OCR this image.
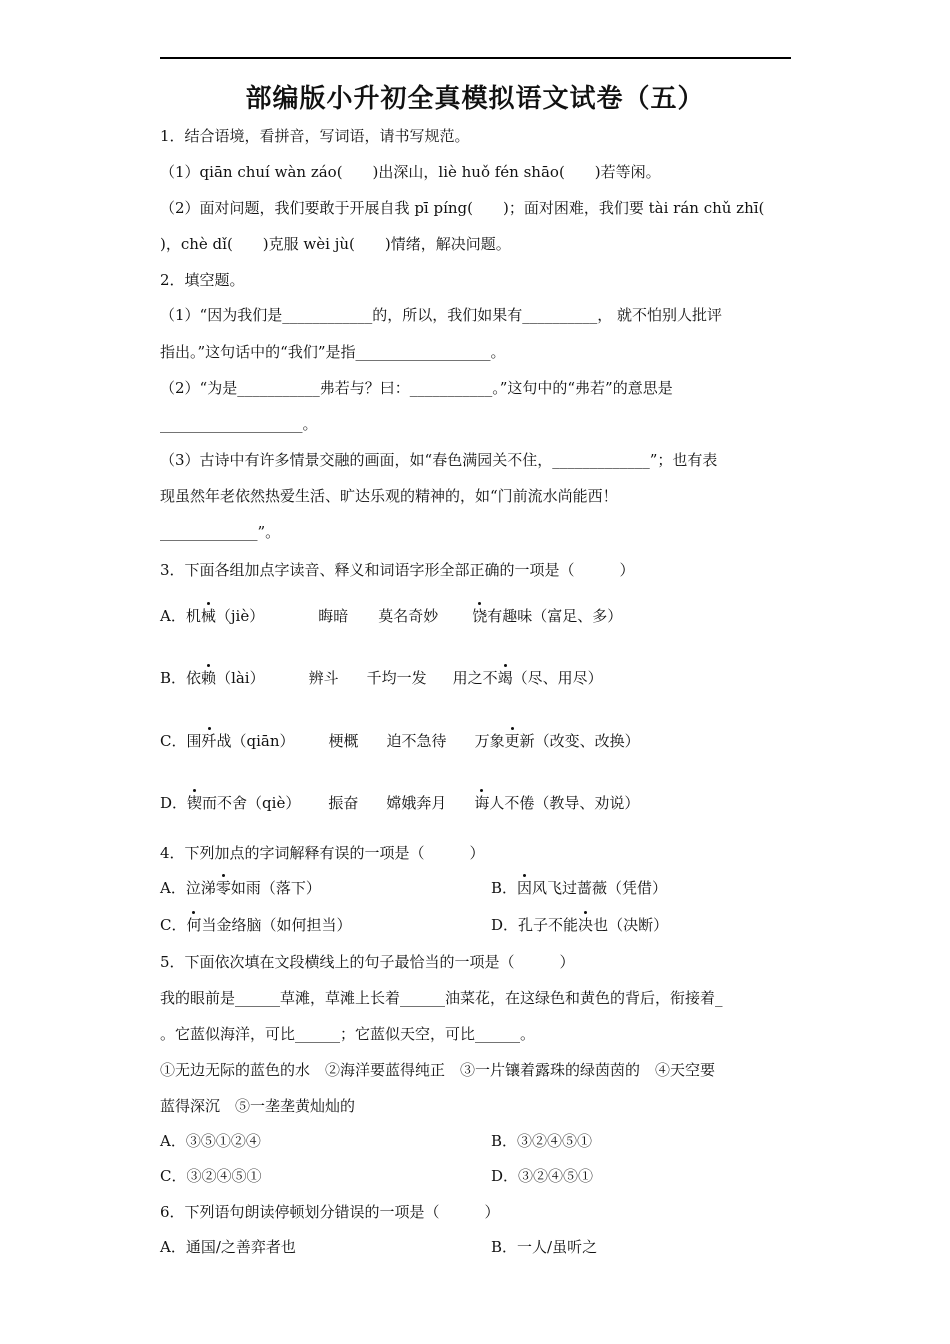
部编版小升初全真模拟语文试卷（五）
1．结合语境，看拼音，写词语，请书写规范。
（1）qiān chuí wàn záo(　　)出深山，liè huǒ fén shāo(　　)若等闲。
（2）面对问题，我们要敢于开展自我 pī píng(　　)；面对困难，我们要 tài rán chǔ zhī(
)，chè dǐ(　　)克服 wèi jù(　　)情绪，解决问题。
2．填空题。
（1）“因为我们是____________的，所以，我们如果有__________， 就不怕别人批评
指出。”这句话中的“我们”是指__________________。
（2）“为是___________弗若与？曰：___________。”这句中的“弗若”的意思是
___________________。
（3）古诗中有许多情景交融的画面，如“春色满园关不住，_____________”；也有表
现虽然年老依然热爱生活、旷达乐观的精神的，如“门前流水尚能西！
_____________”。
3．下面各组加点字读音、释义和词语字形全部正确的一项是（　　　）
A．机械（jiè）	晦暗 莫名奇妙 饶有趣味（富足、多）
B．依赖（lài）	辨斗 千均一发 用之不竭（尽、用尽）
C．围歼战（qiān） 梗概 迫不急待 万象更新（改变、改换）
D．锲而不舍（qiè） 振奋 嫦娥奔月 诲人不倦（教导、劝说）
4．下列加点的字词解释有误的一项是（　　　）
A．泣涕零如雨（落下）	B．因风飞过蔷薇（凭借）
C．何当金络脑（如何担当）	D．孔子不能决也（决断）
5．下面依次填在文段横线上的句子最恰当的一项是（　　　）
我的眼前是______草滩，草滩上长着______油菜花，在这绿色和黄色的背后，衔接着_
。它蓝似海洋，可比______；它蓝似天空，可比______。
①无边无际的蓝色的水　②海洋要蓝得纯正　③一片镶着露珠的绿茵茵的　④天空要
蓝得深沉　⑤一垄垄黄灿灿的
A．③⑤①②④	B．③②④⑤①
C．③②④⑤①	D．③②④⑤①
6．下列语句朗读停顿划分错误的一项是（　　　）
A．通国/之善弈者也	B．一人/虽听之
